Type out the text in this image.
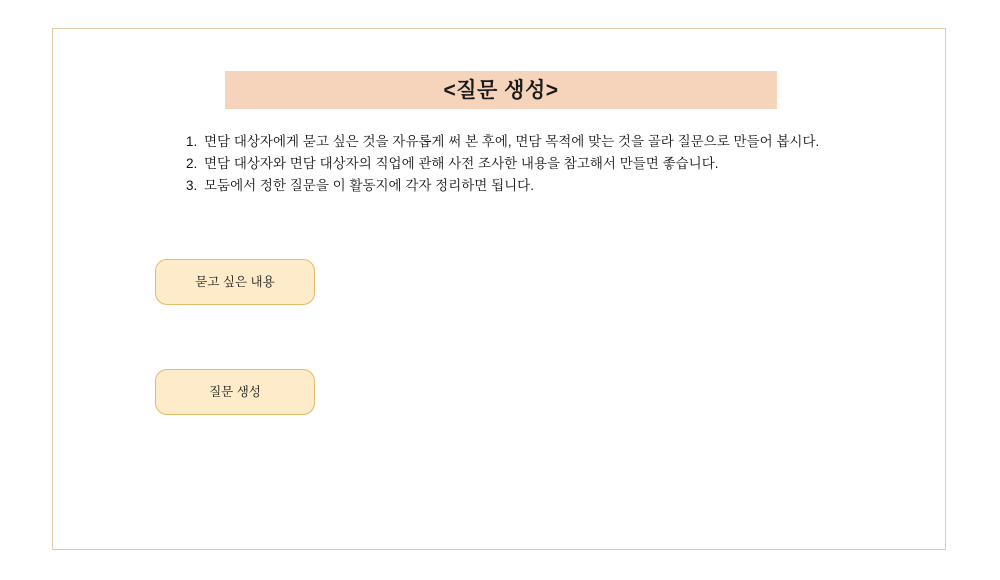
<질문 생성>
1. 면담 대상자에게 묻고 싶은 것을 자유롭게 써 본 후에, 면담 목적에 맞는 것을 골라 질문으로 만들어 봅시다.
2. 면담 대상자와 면담 대상자의 직업에 관해 사전 조사한 내용을 참고해서 만들면 좋습니다.
3. 모둠에서 정한 질문을 이 활동지에 각자 정리하면 됩니다.
묻고 싶은 내용
질문 생성
